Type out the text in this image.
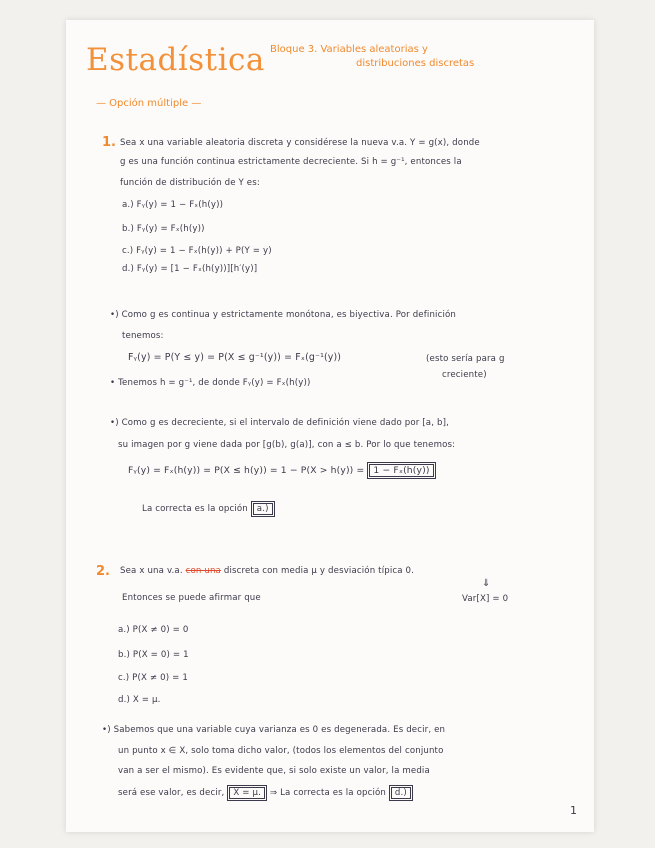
Estadística Bloque 3. Variables aleatorias y
distribuciones discretas
— Opción múltiple —
1. Sea x una variable aleatoria discreta y considérese la nueva v.a. Y = g(x), donde
g es una función continua estrictamente decreciente. Si h = g⁻¹, entonces la
función de distribución de Y es:
a.) Fᵧ(y) = 1 − Fₓ(h(y))
b.) Fᵧ(y) = Fₓ(h(y))
c.) Fᵧ(y) = 1 − Fₓ(h(y)) + P(Y = y)
d.) Fᵧ(y) = [1 − Fₓ(h(y))][h′(y)]
•) Como g es continua y estrictamente monótona, es biyectiva. Por definición
tenemos:
Fᵧ(y) = P(Y ≤ y) = P(X ≤ g⁻¹(y)) = Fₓ(g⁻¹(y))	(esto sería para g
creciente)
• Tenemos h = g⁻¹, de donde Fᵧ(y) = Fₓ(h(y))
•) Como g es decreciente, si el intervalo de definición viene dado por [a, b],
su imagen por g viene dada por [g(b), g(a)], con a ≤ b. Por lo que tenemos:
Fᵧ(y) = Fₓ(h(y)) = P(X ≤ h(y)) = 1 − P(X > h(y)) = 1 − Fₓ(h(y))
La correcta es la opción a.)
2. Sea x una v.a. con una discreta con media μ y desviación típica 0.
⇓
Var[X] = 0
Entonces se puede afirmar que
a.) P(X ≠ 0) = 0
b.) P(X = 0) = 1
c.) P(X ≠ 0) = 1
d.) X = μ.
•) Sabemos que una variable cuya varianza es 0 es degenerada. Es decir, en
un punto x ∈ X, solo toma dicho valor, (todos los elementos del conjunto
van a ser el mismo). Es evidente que, si solo existe un valor, la media
será ese valor, es decir, X = μ. ⇒ La correcta es la opción d.)
1
